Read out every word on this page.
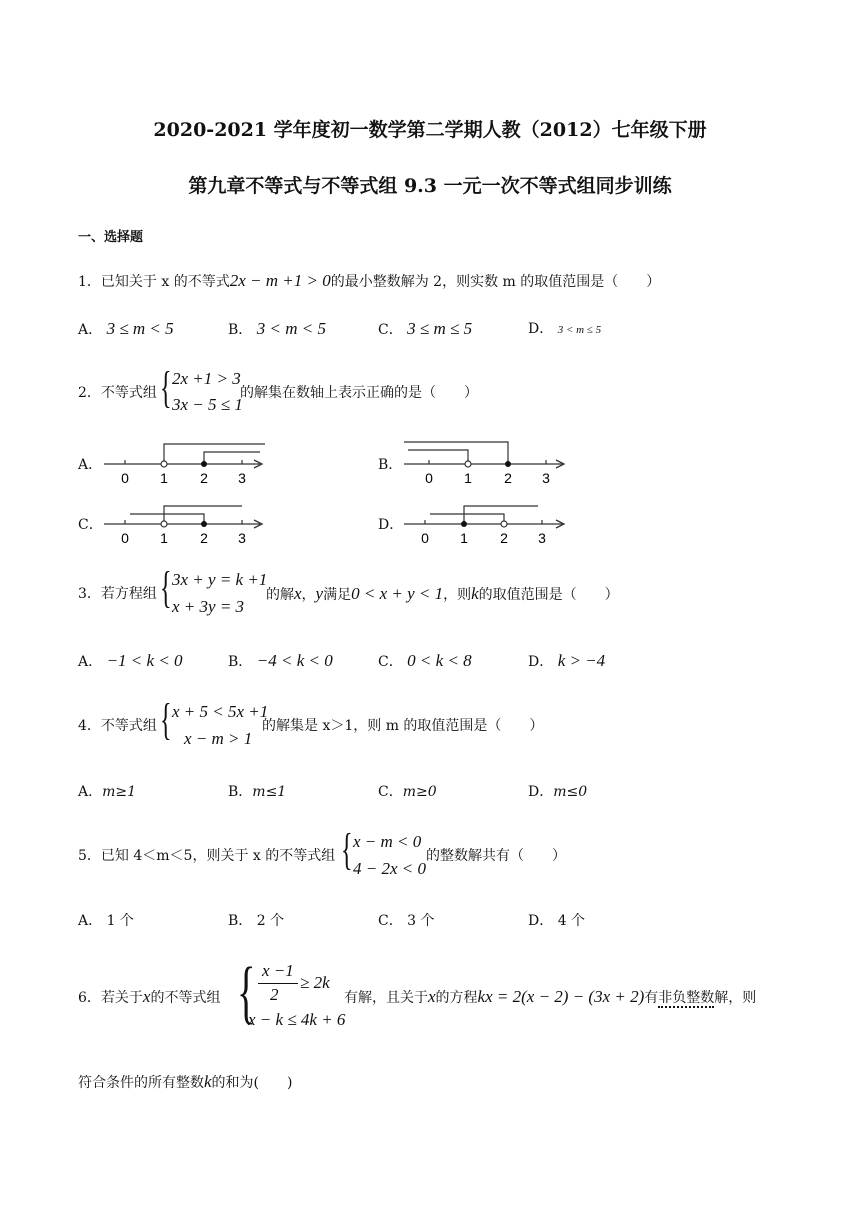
2020-2021 学年度初一数学第二学期人教（2012）七年级下册
第九章不等式与不等式组 9.3 一元一次不等式组同步训练
一、选择题
1．已知关于 x 的不等式2x − m +1 > 0的最小整数解为 2，则实数 m 的取值范围是（　　）
A． 3 ≤ m < 5	B． 3 < m < 5	C． 3 ≤ m ≤ 5	D． 3 < m ≤ 5
2．不等式组 { 2x +1 > 3
3x − 5 ≤ 1
的解集在数轴上表示正确的是（　　）
A．	B．
C．	D．
0 1 2 3	0 1 2 3
0 1 2 3	0 1 2 3
3．若方程组 { 3x + y = k +1
x + 3y = 3
的解x，y满足0 < x + y < 1，则k的取值范围是（　　）
A． −1 < k < 0	B． −4 < k < 0	C． 0 < k < 8	D． k > −4
4．不等式组 { x + 5 < 5x +1
x − m > 1
的解集是 x＞1，则 m 的取值范围是（　　）
A．m≥1	B．m≤1	C．m≥0	D．m≤0
5．已知 4＜m＜5，则关于 x 的不等式组 { x − m < 0
4 − 2x < 0
的整数解共有（　　）
A． 1 个	B． 2 个	C． 3 个	D． 4 个
6．若关于x的不等式组 { x −1
2
≥ 2k
x − k ≤ 4k + 6
有解，且关于x的方程kx = 2(x − 2) − (3x + 2)有非负整数解，则
符合条件的所有整数k的和为(　　)
